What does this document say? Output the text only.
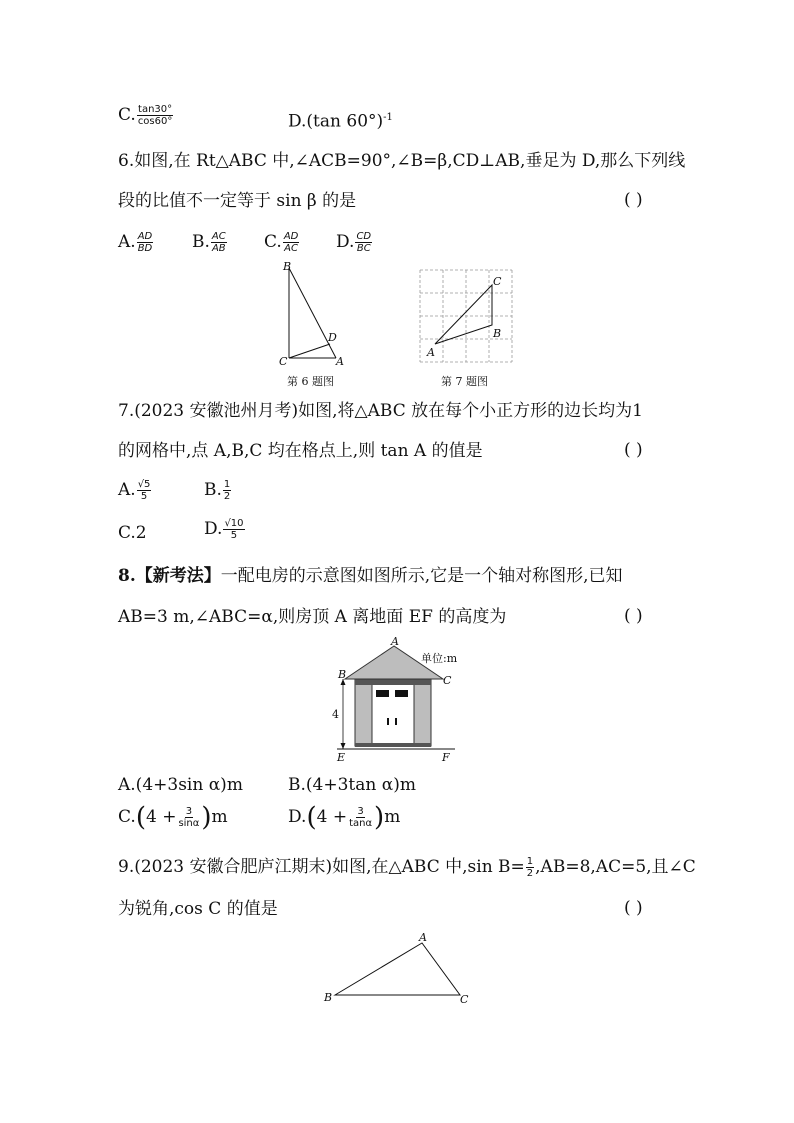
C. $\frac{\tan 30^\circ}{\cos 60^\circ}$	D.(tan 60°)$^{-1}$
6.如图,在 Rt△ABC 中,∠ACB=90°,∠B=β,CD⊥AB,垂足为 D,那么下列线
段的比值不一定等于 sin β 的是	( )
A. $\frac{AD}{BD} B$. $\frac{AC}{AB} C$. $\frac{AD}{AC} D$. $\frac{CD}{BC}$
B
C
D
A
第 6 题图
A
B
C
第 7 题图
7.(2023 安徽池州月考)如图,将△ABC 放在每个小正方形的边长均为1
的网格中,点 A,B,C 均在格点上,则 tan A 的值是	( )
A. $\frac{√5}{5}$	B. $\frac{1}{2}$
C.2	D. $\frac{√10}{5}$
8.【新考法】一配电房的示意图如图所示,它是一个轴对称图形,已知
AB=3 m,∠ABC=α,则房顶 A 离地面 EF 的高度为	( )
4
A
B	C
E	F
单位:m
A.(4+3sin α)m	B.(4+3tan α)m
$C.(4 + \frac{3}{\sin\alpha} )m$	$D.(4 + \frac{3}{\tan\alpha} )m$
9.(2023 安徽合肥庐江期末)如图,在△ABC 中,sin $B= \frac{1}{2} ,AB=8,AC=5$,且∠C
为锐角,cos C 的值是	( )
A
B	C
